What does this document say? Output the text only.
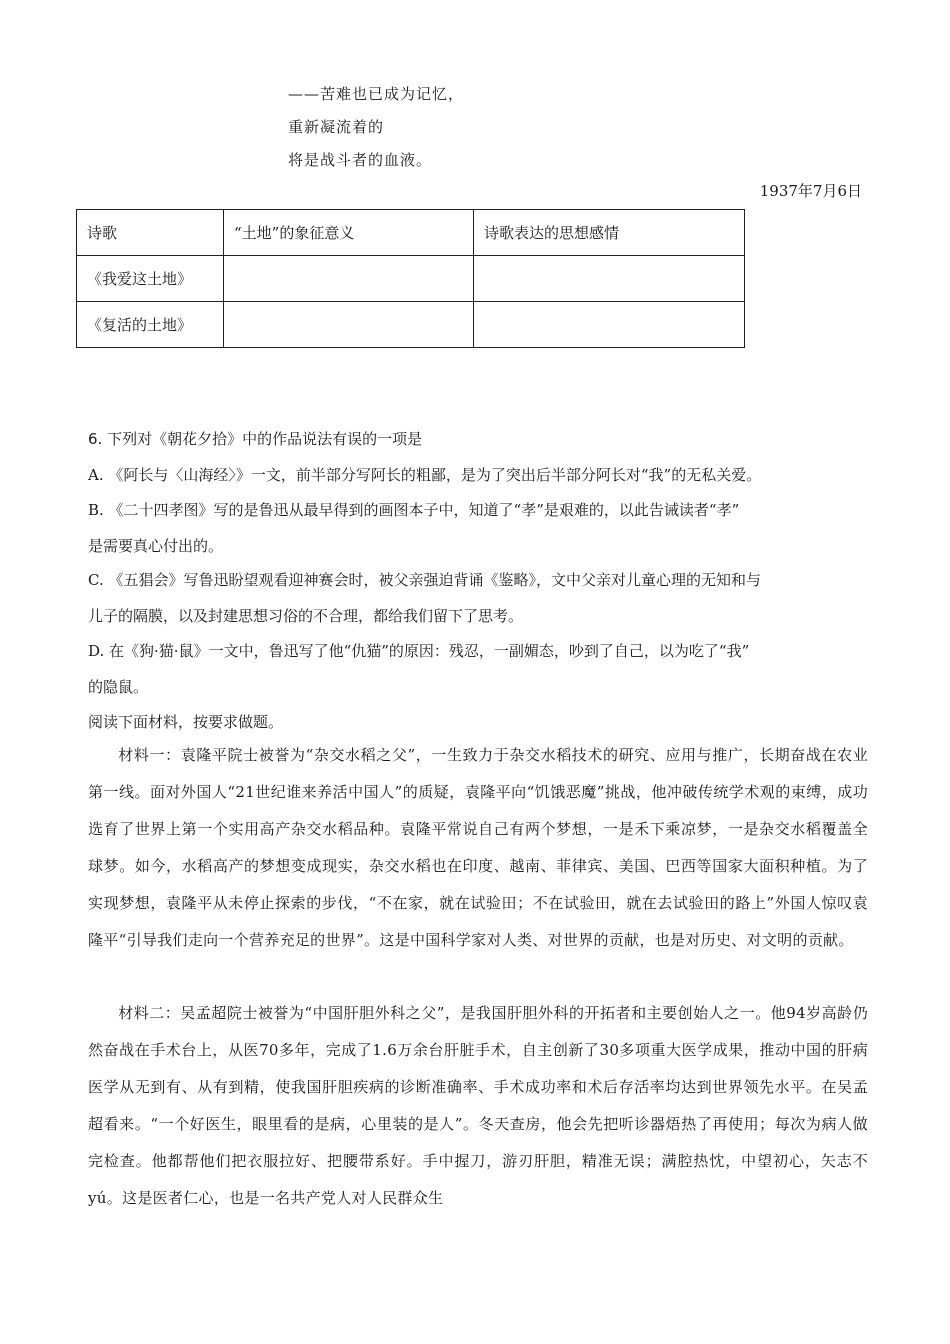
——苦难也已成为记忆，
重新凝流着的
将是战斗者的血液。
1937年7月6日
诗歌	“土地”的象征意义	诗歌表达的思想感情
《我爱这土地》		
《复活的土地》		
6. 下列对《朝花夕拾》中的作品说法有误的一项是
A. 《阿长与〈山海经〉》一文，前半部分写阿长的粗鄙，是为了突出后半部分阿长对“我”的无私关爱。
B. 《二十四孝图》写的是鲁迅从最早得到的画图本子中，知道了“孝”是艰难的，以此告诫读者“孝”
是需要真心付出的。
C. 《五猖会》写鲁迅盼望观看迎神赛会时，被父亲强迫背诵《鉴略》，文中父亲对儿童心理的无知和与
儿子的隔膜，以及封建思想习俗的不合理，都给我们留下了思考。
D. 在《狗·猫·鼠》一文中，鲁迅写了他“仇猫”的原因：残忍，一副媚态，吵到了自己，以为吃了“我”
的隐鼠。
阅读下面材料，按要求做题。
材料一：袁隆平院士被誉为“杂交水稻之父”，一生致力于杂交水稻技术的研究、应用与推广，长期奋战在农业第一线。面对外国人“21世纪谁来养活中国人”的质疑，袁隆平向“饥饿恶魔”挑战，他冲破传统学术观的束缚，成功选育了世界上第一个实用高产杂交水稻品种。袁隆平常说自己有两个梦想，一是禾下乘凉梦，一是杂交水稻覆盖全球梦。如今，水稻高产的梦想变成现实，杂交水稻也在印度、越南、菲律宾、美国、巴西等国家大面积种植。为了实现梦想，袁隆平从未停止探索的步伐，“不在家，就在试验田；不在试验田，就在去试验田的路上”外国人惊叹袁隆平“引导我们走向一个营养充足的世界”。这是中国科学家对人类、对世界的贡献，也是对历史、对文明的贡献。
材料二：吴孟超院士被誉为“中国肝胆外科之父”，是我国肝胆外科的开拓者和主要创始人之一。他94岁高龄仍然奋战在手术台上，从医70多年，完成了1.6万余台肝脏手术，自主创新了30多项重大医学成果，推动中国的肝病医学从无到有、从有到精，使我国肝胆疾病的诊断准确率、手术成功率和术后存活率均达到世界领先水平。在吴孟超看来。“一个好医生，眼里看的是病，心里装的是人”。冬天查房，他会先把听诊器焐热了再使用；每次为病人做完检查。他都帮他们把衣服拉好、把腰带系好。手中握刀，游刃肝胆，精准无误；满腔热忱，中望初心，矢志不yú。这是医者仁心，也是一名共产党人对人民群众生
